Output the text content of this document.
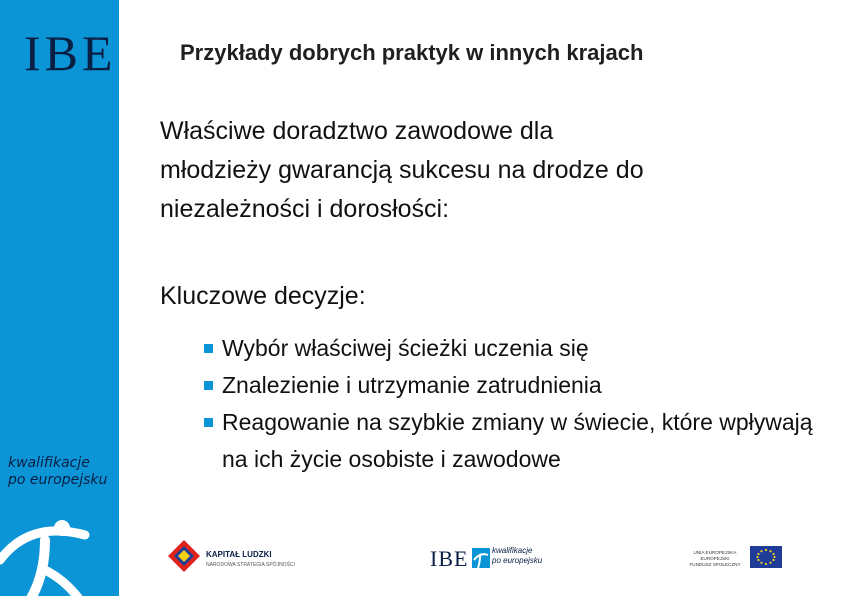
IBE
kwalifikacje
po europejsku
Przykłady dobrych praktyk w innych krajach
Właściwe doradztwo zawodowe dla
młodzieży gwarancją sukcesu na drodze do
niezależności i dorosłości:
Kluczowe decyzje:
Wybór właściwej ścieżki uczenia się
Znalezienie i utrzymanie zatrudnienia
Reagowanie na szybkie zmiany w świecie, które wpływają na ich życie osobiste i zawodowe
KAPITAŁ LUDZKI
NARODOWA STRATEGIA SPÓJNOŚCI	IBE	kwalifikacje
po europejsku
UNIA EUROPEJSKA
EUROPEJSKI
FUNDUSZ SPOŁECZNY
